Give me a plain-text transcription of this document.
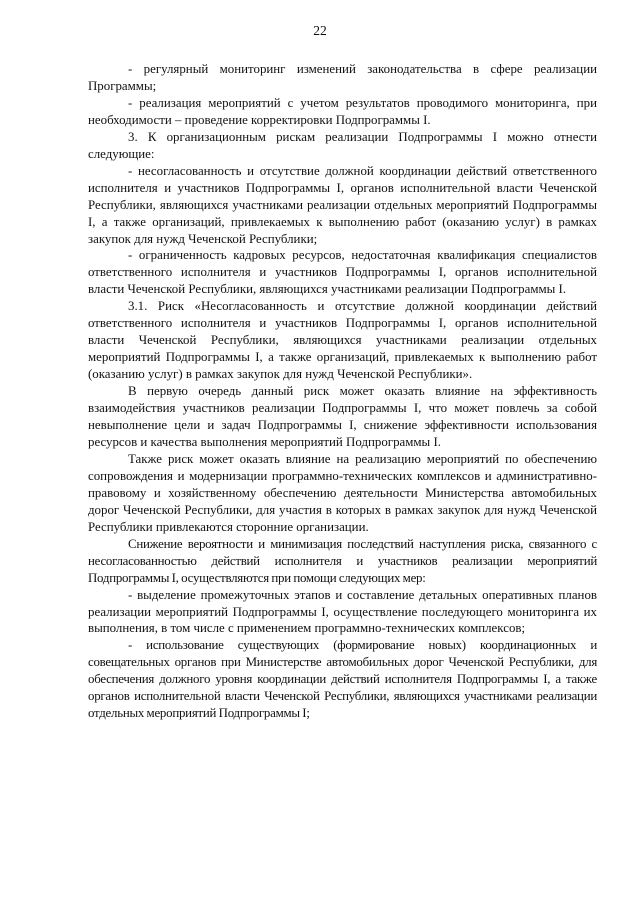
22

- регулярный мониторинг изменений законодательства в сфере реализации Программы;

- реализация мероприятий с учетом результатов проводимого мониторинга, при необходимости – проведение корректировки Подпрограммы I.

3. К организационным рискам реализации Подпрограммы I можно отнести следующие:

- несогласованность и отсутствие должной координации действий ответственного исполнителя и участников Подпрограммы I, органов исполнительной власти Чеченской Республики, являющихся участниками реализации отдельных мероприятий Подпрограммы I, а также организаций, привлекаемых к выполнению работ (оказанию услуг) в рамках закупок для нужд Чеченской Республики;

- ограниченность кадровых ресурсов, недостаточная квалификация специалистов ответственного исполнителя и участников Подпрограммы I, органов исполнительной власти Чеченской Республики, являющихся участниками реализации Подпрограммы I.

3.1. Риск «Несогласованность и отсутствие должной координации действий ответственного исполнителя и участников Подпрограммы I, органов исполнительной власти Чеченской Республики, являющихся участниками реализации отдельных мероприятий Подпрограммы I, а также организаций, привлекаемых к выполнению работ (оказанию услуг) в рамках закупок для нужд Чеченской Республики».

В первую очередь данный риск может оказать влияние на эффективность взаимодействия участников реализации Подпрограммы I, что может повлечь за собой невыполнение цели и задач Подпрограммы I, снижение эффективности использования ресурсов и качества выполнения мероприятий Подпрограммы I.

Также риск может оказать влияние на реализацию мероприятий по обеспечению сопровождения и модернизации программно-технических комплексов и административно-правовому и хозяйственному обеспечению деятельности Министерства автомобильных дорог Чеченской Республики, для участия в которых в рамках закупок для нужд Чеченской Республики привлекаются сторонние организации.

Снижение вероятности и минимизация последствий наступления риска, связанного с несогласованностью действий исполнителя и участников реализации мероприятий Подпрограммы I, осуществляются при помощи следующих мер:

- выделение промежуточных этапов и составление детальных оперативных планов реализации мероприятий Подпрограммы I, осуществление последующего мониторинга их выполнения, в том числе с применением программно-технических комплексов;

- использование существующих (формирование новых) координационных и совещательных органов при Министерстве автомобильных дорог Чеченской Республики, для обеспечения должного уровня координации действий исполнителя Подпрограммы I, а также органов исполнительной власти Чеченской Республики, являющихся участниками реализации отдельных мероприятий Подпрограммы I;
